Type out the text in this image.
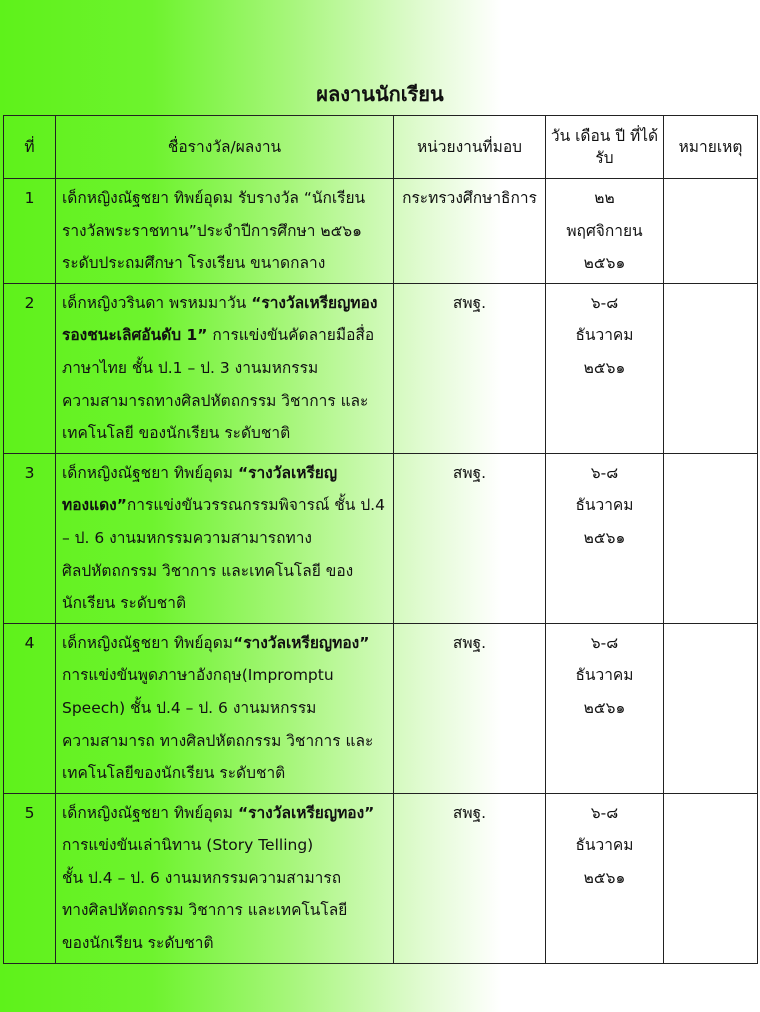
ผลงานนักเรียน
ที่	ชื่อรางวัล/ผลงาน	หน่วยงานที่มอบ	วัน เดือน ปี ที่ได้รับ	หมายเหตุ
1	เด็กหญิงณัฐชยา ทิพย์อุดม รับรางวัล “นักเรียน
รางวัลพระราชทาน”ประจำปีการศึกษา ๒๕๖๑
ระดับประถมศึกษา โรงเรียน ขนาดกลาง	กระทรวงศึกษาธิการ	๒๒
พฤศจิกายน
๒๕๖๑	

2	เด็กหญิงวรินดา พรหมมาวัน “รางวัลเหรียญทอง
รองชนะเลิศอันดับ 1” การแข่งขันคัดลายมือสื่อ
ภาษาไทย ชั้น ป.1 – ป. 3 งานมหกรรม
ความสามารถทางศิลปหัตถกรรม วิชาการ และ
เทคโนโลยี ของนักเรียน ระดับชาติ	สพฐ.	๖-๘
ธันวาคม
๒๕๖๑	

3	เด็กหญิงณัฐชยา ทิพย์อุดม “รางวัลเหรียญ
ทองแดง”การแข่งขันวรรณกรรมพิจารณ์ ชั้น ป.4
– ป. 6 งานมหกรรมความสามารถทาง
ศิลปหัตถกรรม วิชาการ และเทคโนโลยี ของ
นักเรียน ระดับชาติ	สพฐ.	๖-๘
ธันวาคม
๒๕๖๑	

4	เด็กหญิงณัฐชยา ทิพย์อุดม“รางวัลเหรียญทอง”
การแข่งขันพูดภาษาอังกฤษ(Impromptu
Speech) ชั้น ป.4 – ป. 6 งานมหกรรม
ความสามารถ ทางศิลปหัตถกรรม วิชาการ และ
เทคโนโลยีของนักเรียน ระดับชาติ	สพฐ.	๖-๘
ธันวาคม
๒๕๖๑	

5	เด็กหญิงณัฐชยา ทิพย์อุดม “รางวัลเหรียญทอง”
การแข่งขันเล่านิทาน (Story Telling)
ชั้น ป.4 – ป. 6 งานมหกรรมความสามารถ
ทางศิลปหัตถกรรม วิชาการ และเทคโนโลยี
ของนักเรียน ระดับชาติ	สพฐ.	๖-๘
ธันวาคม
๒๕๖๑	
